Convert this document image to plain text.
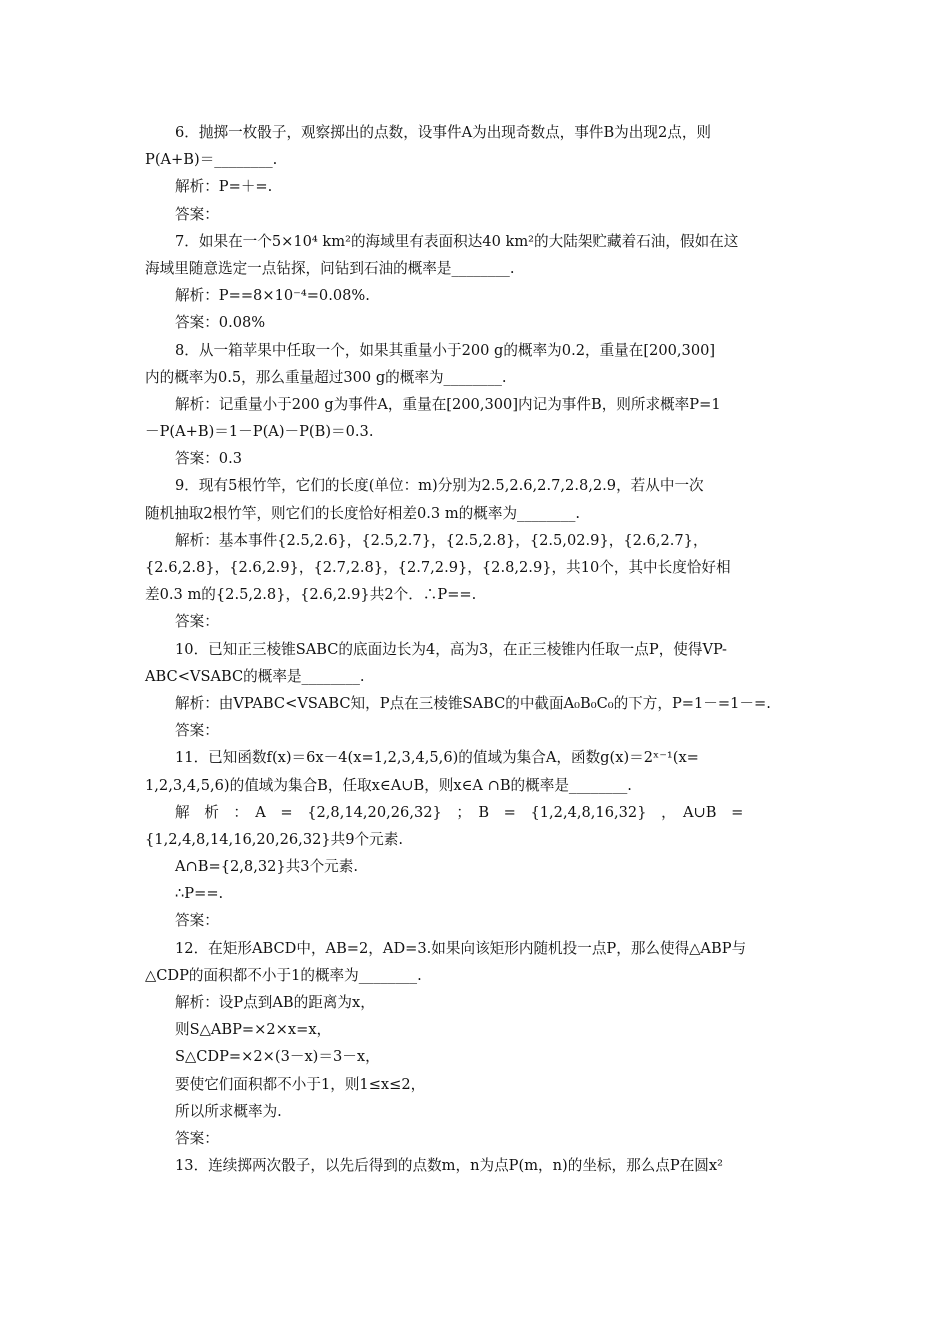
6．抛掷一枚骰子，观察掷出的点数，设事件A为出现奇数点，事件B为出现2点，则
P(A+B)＝________.
解析：P=＋=.
答案：
7．如果在一个5×10⁴ km²的海域里有表面积达40 km²的大陆架贮藏着石油，假如在这
海域里随意选定一点钻探，问钻到石油的概率是________.
解析：P==8×10⁻⁴=0.08%.
答案：0.08%
8．从一箱苹果中任取一个，如果其重量小于200 g的概率为0.2，重量在[200,300]
内的概率为0.5，那么重量超过300 g的概率为________.
解析：记重量小于200 g为事件A，重量在[200,300]内记为事件B，则所求概率P=1
－P(A+B)＝1－P(A)－P(B)＝0.3.
答案：0.3
9．现有5根竹竿，它们的长度(单位：m)分别为2.5,2.6,2.7,2.8,2.9，若从中一次
随机抽取2根竹竿，则它们的长度恰好相差0.3 m的概率为________.
解析：基本事件{2.5,2.6}，{2.5,2.7}，{2.5,2.8}，{2.5,02.9}，{2.6,2.7}，
{2.6,2.8}，{2.6,2.9}，{2.7,2.8}，{2.7,2.9}，{2.8,2.9}，共10个，其中长度恰好相
差0.3 m的{2.5,2.8}，{2.6,2.9}共2个．∴P==.
答案：
10．已知正三棱锥SABC的底面边长为4，高为3，在正三棱锥内任取一点P，使得VP-
ABC<VSABC的概率是________.
解析：由VPABC<VSABC知，P点在三棱锥SABC的中截面A₀B₀C₀的下方，P=1－=1－=.
答案：
11．已知函数f(x)＝6x－4(x=1,2,3,4,5,6)的值域为集合A，函数g(x)＝2ˣ⁻¹(x=
1,2,3,4,5,6)的值域为集合B，任取x∈A∪B，则x∈A ∩B的概率是________.
解　析　：　A　=　{2,8,14,20,26,32}　；　B　=　{1,2,4,8,16,32}　，　A∪B　=
{1,2,4,8,14,16,20,26,32}共9个元素.
A∩B={2,8,32}共3个元素.
∴P==.
答案：
12．在矩形ABCD中，AB=2，AD=3.如果向该矩形内随机投一点P，那么使得△ABP与
△CDP的面积都不小于1的概率为________.
解析：设P点到AB的距离为x，
则S△ABP=×2×x=x，
S△CDP=×2×(3－x)＝3－x，
要使它们面积都不小于1，则1≤x≤2，
所以所求概率为.
答案：
13．连续掷两次骰子，以先后得到的点数m，n为点P(m，n)的坐标，那么点P在圆x²
